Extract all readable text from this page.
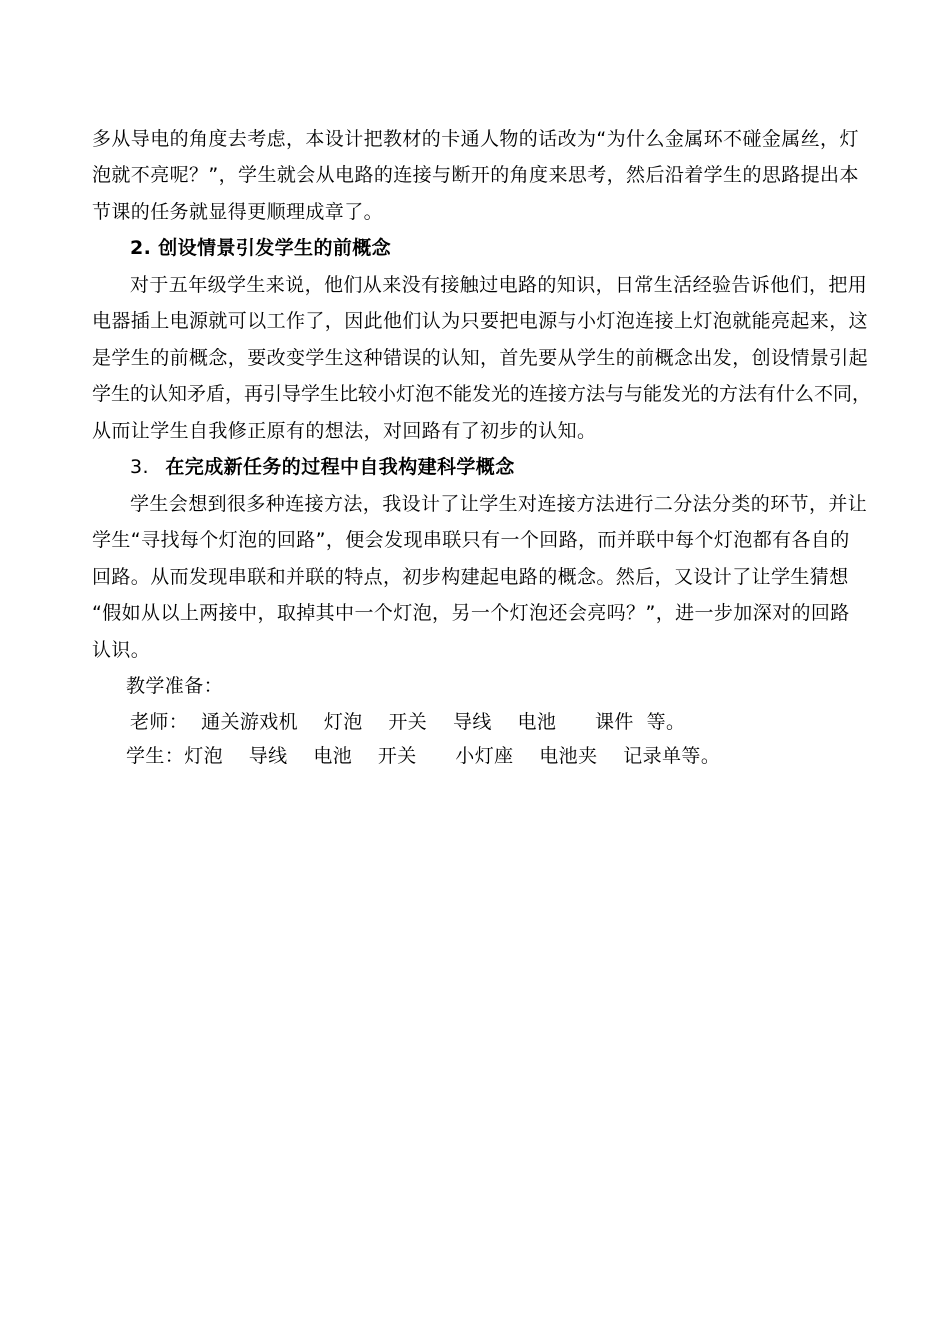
多从导电的角度去考虑，本设计把教材的卡通人物的话改为“为什么金属环不碰金属丝，灯
泡就不亮呢？”，学生就会从电路的连接与断开的角度来思考，然后沿着学生的思路提出本
节课的任务就显得更顺理成章了。
2. 创设情景引发学生的前概念
对于五年级学生来说，他们从来没有接触过电路的知识，日常生活经验告诉他们，把用
电器插上电源就可以工作了，因此他们认为只要把电源与小灯泡连接上灯泡就能亮起来，这
是学生的前概念，要改变学生这种错误的认知，首先要从学生的前概念出发，创设情景引起
学生的认知矛盾，再引导学生比较小灯泡不能发光的连接方法与与能发光的方法有什么不同，
从而让学生自我修正原有的想法，对回路有了初步的认知。
3. 在完成新任务的过程中自我构建科学概念
学生会想到很多种连接方法，我设计了让学生对连接方法进行二分法分类的环节，并让
学生“寻找每个灯泡的回路”，便会发现串联只有一个回路，而并联中每个灯泡都有各自的
回路。从而发现串联和并联的特点，初步构建起电路的概念。然后，又设计了让学生猜想
“假如从以上两接中，取掉其中一个灯泡，另一个灯泡还会亮吗？”，进一步加深对的回路
认识。
教学准备：
老师：  通关游戏机    灯泡    开关    导线    电池      课件  等。
学生：灯泡    导线    电池    开关      小灯座    电池夹    记录单等。
